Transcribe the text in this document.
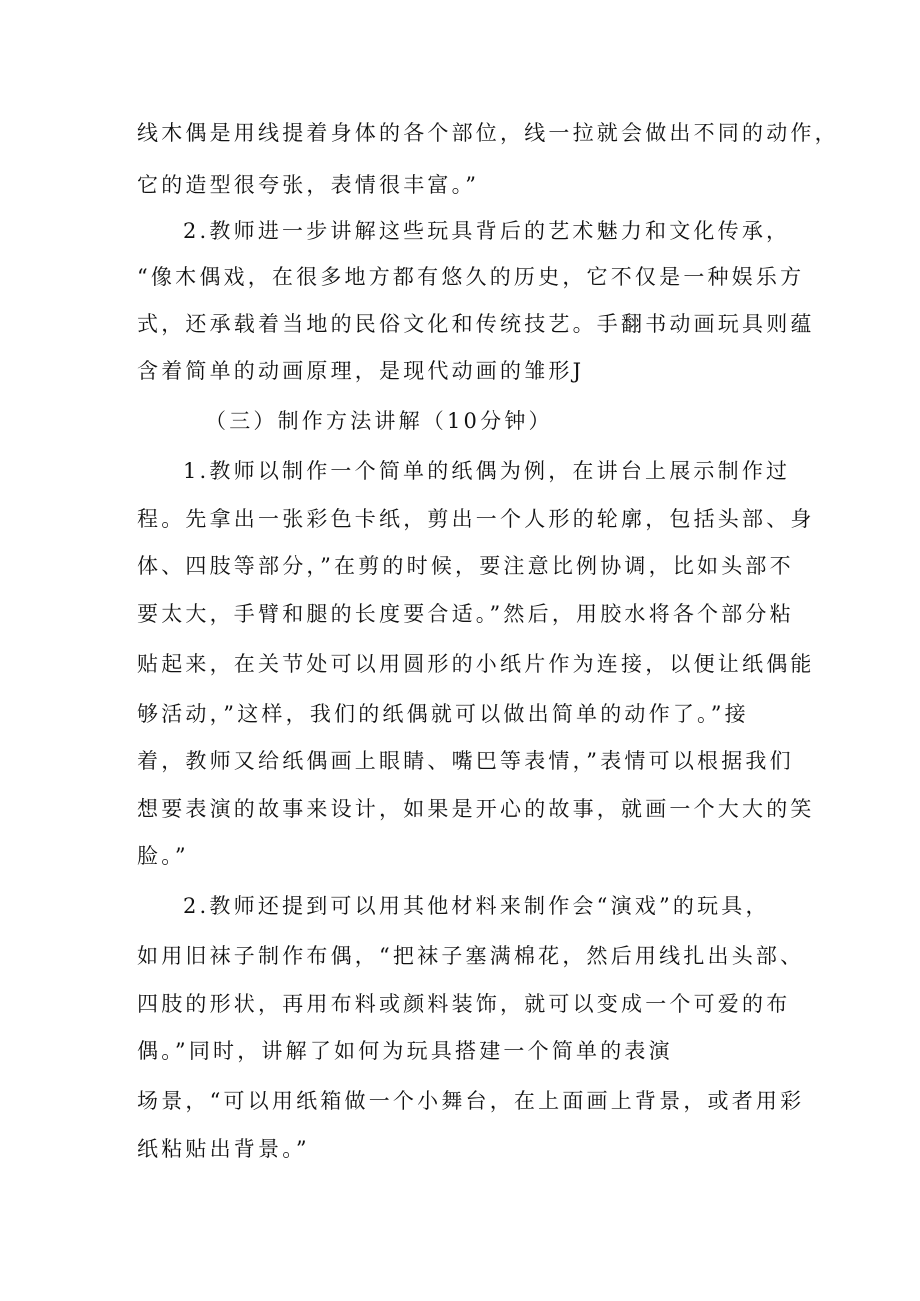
线木偶是用线提着身体的各个部位，线一拉就会做出不同的动作，
它的造型很夸张，表情很丰富。”
2.教师进一步讲解这些玩具背后的艺术魅力和文化传承，
“像木偶戏，在很多地方都有悠久的历史，它不仅是一种娱乐方
式，还承载着当地的民俗文化和传统技艺。手翻书动画玩具则蕴
含着简单的动画原理，是现代动画的雏形J
（三）制作方法讲解（10分钟）
1.教师以制作一个简单的纸偶为例，在讲台上展示制作过
程。先拿出一张彩色卡纸，剪出一个人形的轮廓，包括头部、身
体、四肢等部分，”在剪的时候，要注意比例协调，比如头部不
要太大，手臂和腿的长度要合适。”然后，用胶水将各个部分粘
贴起来，在关节处可以用圆形的小纸片作为连接，以便让纸偶能
够活动，”这样，我们的纸偶就可以做出简单的动作了。”接
着，教师又给纸偶画上眼睛、嘴巴等表情，”表情可以根据我们
想要表演的故事来设计，如果是开心的故事，就画一个大大的笑
脸。”
2.教师还提到可以用其他材料来制作会“演戏”的玩具，
如用旧袜子制作布偶，“把袜子塞满棉花，然后用线扎出头部、
四肢的形状，再用布料或颜料装饰，就可以变成一个可爱的布
偶。”同时，讲解了如何为玩具搭建一个简单的表演
场景，“可以用纸箱做一个小舞台，在上面画上背景，或者用彩
纸粘贴出背景。”
